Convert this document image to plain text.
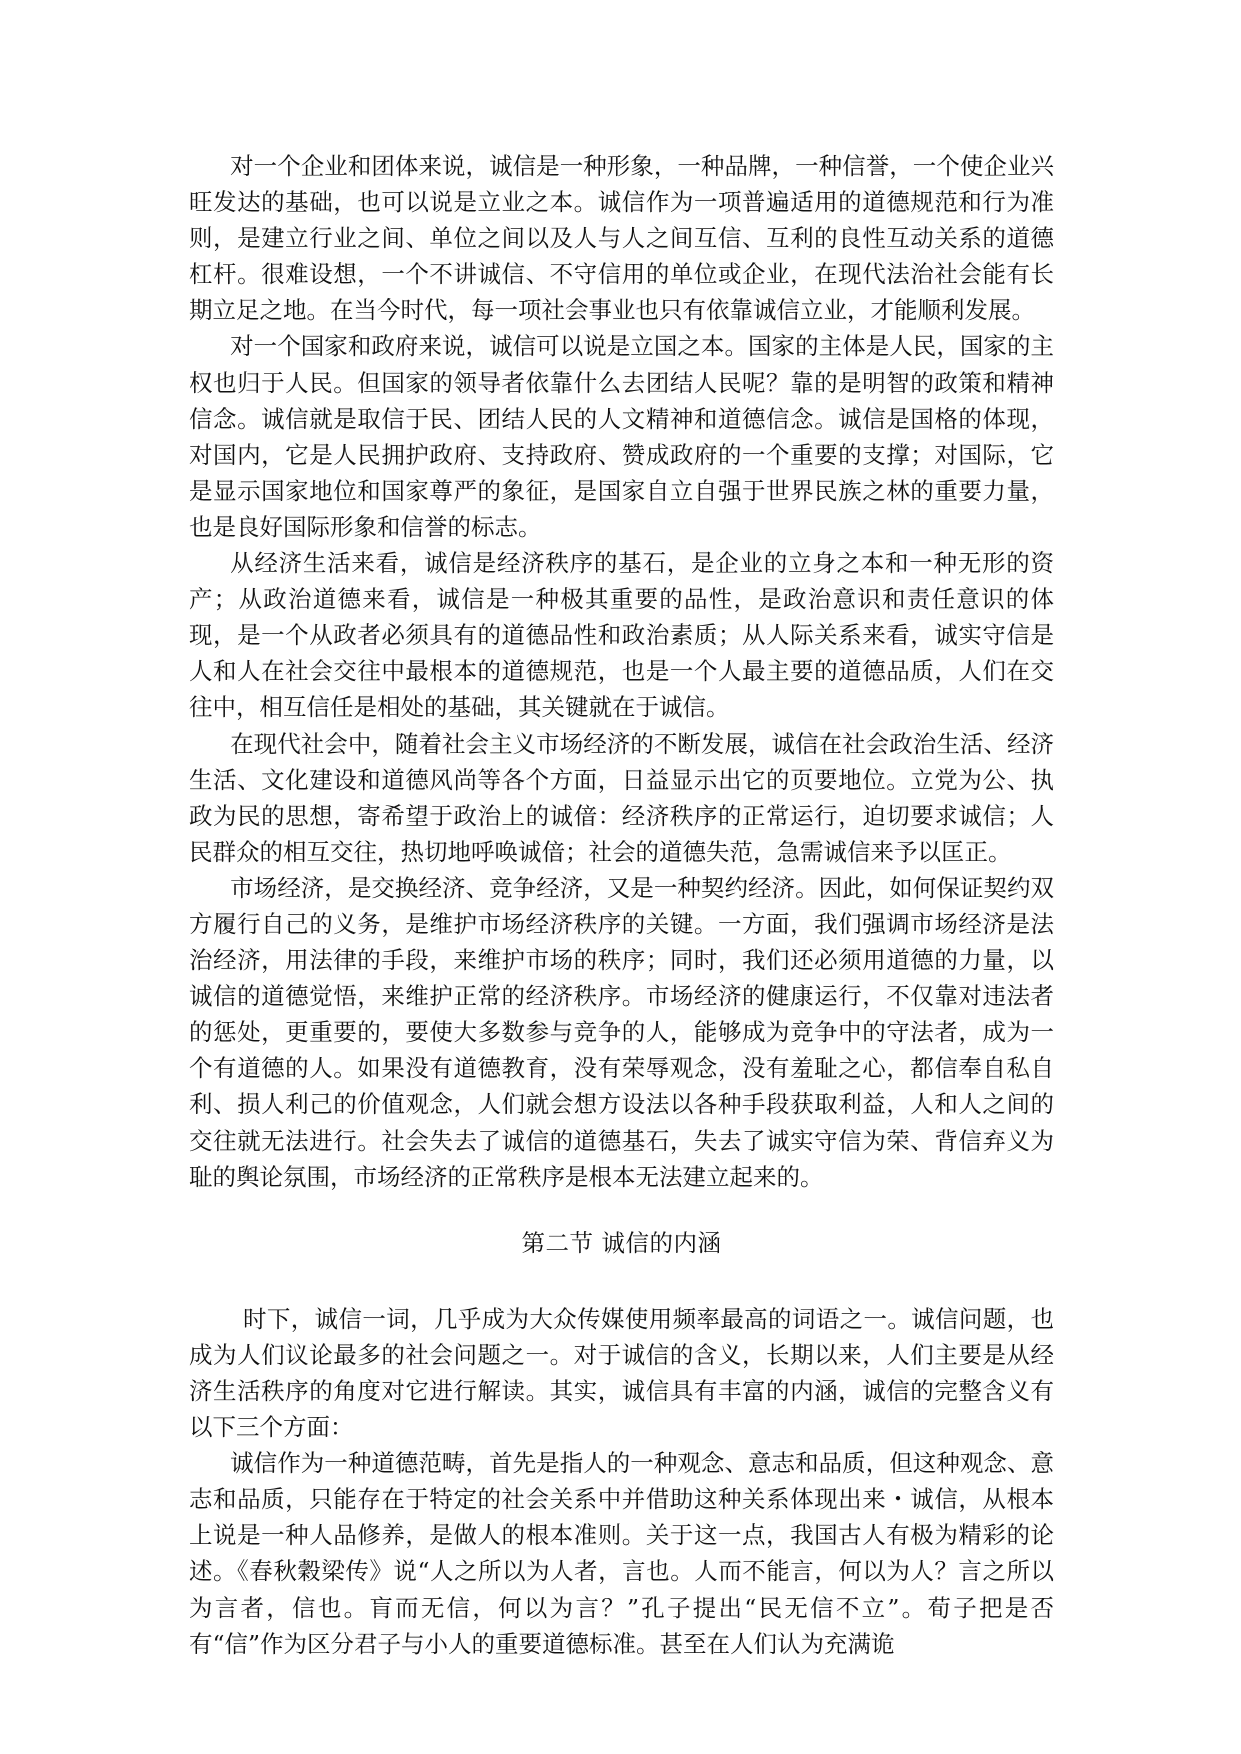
对一个企业和团体来说，诚信是一种形象，一种品牌，一种信誉，一个使企业兴旺发达的基础，也可以说是立业之本。诚信作为一项普遍适用的道德规范和行为准则，是建立行业之间、单位之间以及人与人之间互信、互利的良性互动关系的道德杠杆。很难设想，一个不讲诚信、不守信用的单位或企业，在现代法治社会能有长期立足之地。在当今时代，每一项社会事业也只有依靠诚信立业，才能顺利发展。

对一个国家和政府来说，诚信可以说是立国之本。国家的主体是人民，国家的主权也归于人民。但国家的领导者依靠什么去团结人民呢？靠的是明智的政策和精神信念。诚信就是取信于民、团结人民的人文精神和道德信念。诚信是国格的体现，对国内，它是人民拥护政府、支持政府、赞成政府的一个重要的支撑；对国际，它是显示国家地位和国家尊严的象征，是国家自立自强于世界民族之林的重要力量，也是良好国际形象和信誉的标志。

从经济生活来看，诚信是经济秩序的基石，是企业的立身之本和一种无形的资产；从政治道德来看，诚信是一种极其重要的品性，是政治意识和责任意识的体现，是一个从政者必须具有的道德品性和政治素质；从人际关系来看，诚实守信是人和人在社会交往中最根本的道德规范，也是一个人最主要的道德品质，人们在交往中，相互信任是相处的基础，其关键就在于诚信。

在现代社会中，随着社会主义市场经济的不断发展，诚信在社会政治生活、经济生活、文化建设和道德风尚等各个方面，日益显示出它的页要地位。立党为公、执政为民的思想，寄希望于政治上的诚偣：经济秩序的正常运行，迫切要求诚信；人民群众的相互交往，热切地呼唤诚偣；社会的道德失范，急需诚信来予以匡正。

市场经济，是交换经济、竞争经济，又是一种契约经济。因此，如何保证契约双方履行自己的义务，是维护市场经济秩序的关键。一方面，我们强调市场经济是法治经济，用法律的手段，来维护市场的秩序；同时，我们还必须用道德的力量，以诚信的道德觉悟，来维护正常的经济秩序。市场经济的健康运行，不仅靠对违法者的惩处，更重要的，要使大多数参与竞争的人，能够成为竞争中的守法者，成为一个有道德的人。如果没有道德教育，没有荣辱观念，没有羞耻之心，都信奉自私自利、损人利己的价值观念，人们就会想方设法以各种手段获取利益，人和人之间的交往就无法进行。社会失去了诚信的道德基石，失去了诚实守信为荣、背信弃义为耻的舆论氛围，市场经济的正常秩序是根本无法建立起来的。

第二节 诚信的内涵

时下，诚信一词，几乎成为大众传媒使用频率最高的词语之一。诚信问题，也成为人们议论最多的社会问题之一。对于诚信的含义，长期以来，人们主要是从经济生活秩序的角度对它进行解读。其实，诚信具有丰富的内涵，诚信的完整含义有以下三个方面：

诚信作为一种道德范畴，首先是指人的一种观念、意志和品质，但这种观念、意志和品质，只能存在于特定的社会关系中并借助这种关系体现出来・诚信，从根本上说是一种人品修养，是做人的根本准则。关于这一点，我国古人有极为精彩的论述。《春秋穀梁传》说“人之所以为人者，言也。人而不能言，何以为人？言之所以为言者，信也。肓而无信，何以为言？”孔子提出“民无信不立”。荀子把是否有“信”作为区分君子与小人的重要道德标准。甚至在人们认为充满诡
